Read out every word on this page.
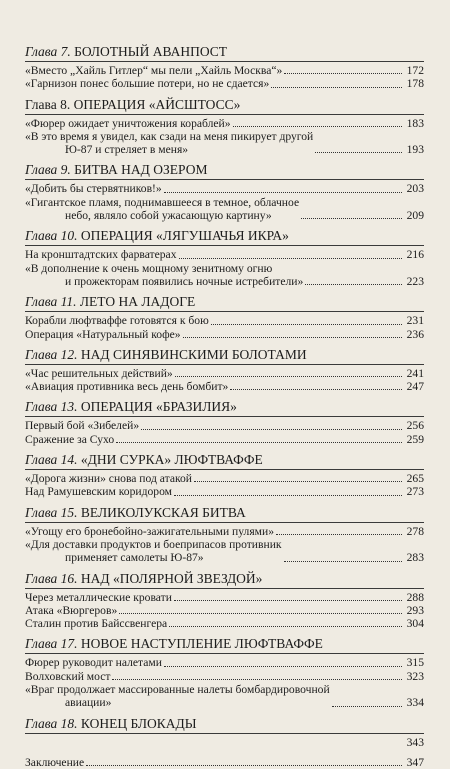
Глава 7. БОЛОТНЫЙ АВАНПОСТ
«Вместо „Хайль Гитлер“ мы пели „Хайль Москва“»	172
«Гарнизон понес большие потери, но не сдается»	178
Глава 8. ОПЕРАЦИЯ «АЙСШТОСС»
«Фюрер ожидает уничтожения кораблей»	183
«В это время я увидел, как сзади на меня пикирует другой
Ю-87 и стреляет в меня»	193
Глава 9. БИТВА НАД ОЗЕРОМ
«Добить бы стервятников!»	203
«Гигантское пламя, поднимавшееся в темное, облачное
небо, являло собой ужасающую картину»	209
Глава 10. ОПЕРАЦИЯ «ЛЯГУШАЧЬЯ ИКРА»
На кронштадтских фарватерах	216
«В дополнение к очень мощному зенитному огню
и прожекторам появились ночные истребители»	223
Глава 11. ЛЕТО НА ЛАДОГЕ
Корабли люфтваффе готовятся к бою	231
Операция «Натуральный кофе»	236
Глава 12. НАД СИНЯВИНСКИМИ БОЛОТАМИ
«Час решительных действий»	241
«Авиация противника весь день бомбит»	247
Глава 13. ОПЕРАЦИЯ «БРАЗИЛИЯ»
Первый бой «Зибелей»	256
Сражение за Сухо	259
Глава 14. «ДНИ СУРКА» ЛЮФТВАФФЕ
«Дорога жизни» снова под атакой	265
Над Рамушевским коридором	273
Глава 15. ВЕЛИКОЛУКСКАЯ БИТВА
«Угощу его бронебойно-зажигательными пулями»	278
«Для доставки продуктов и боеприпасов противник
применяет самолеты Ю-87»	283
Глава 16. НАД «ПОЛЯРНОЙ ЗВЕЗДОЙ»
Через металлические кровати	288
Атака «Вюргеров»	293
Сталин против Байссвенгера	304
Глава 17. НОВОЕ НАСТУПЛЕНИЕ ЛЮФТВАФФЕ
Фюрер руководит налетами	315
Волховский мост	323
«Враг продолжает массированные налеты бомбардировочной
авиации»	334
Глава 18. КОНЕЦ БЛОКАДЫ
343
Заключение	347
